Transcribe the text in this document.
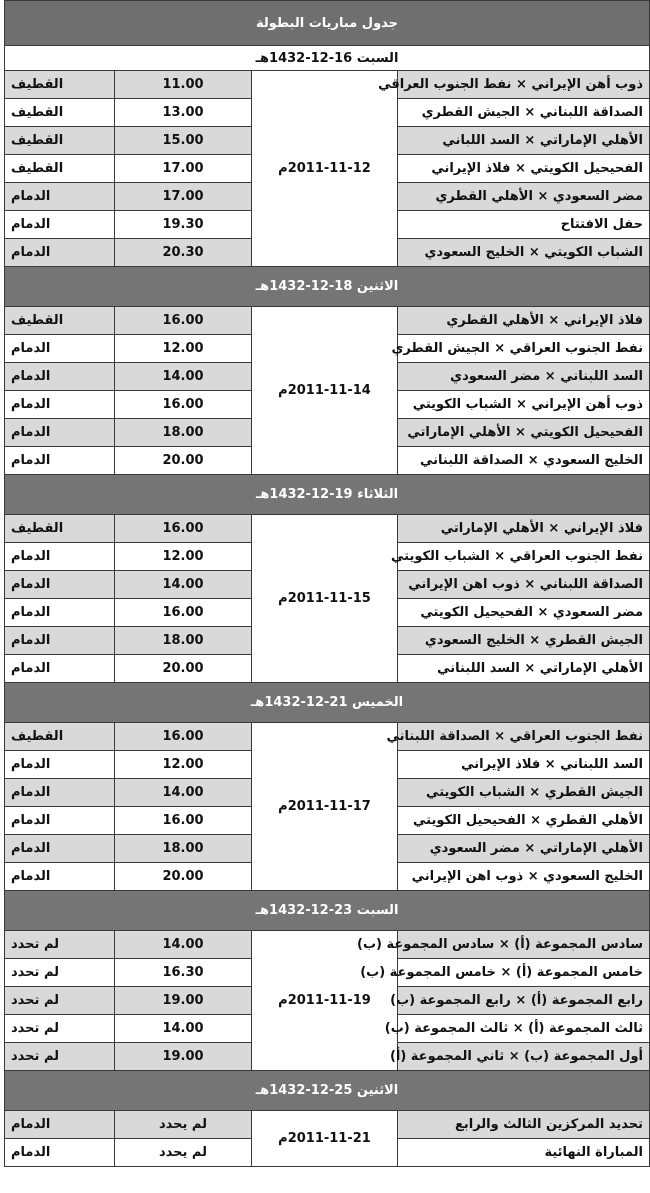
جدول مباريات البطولة			
السبت 16-12-1432هـ			
ذوب أهن الإيراني × نفط الجنوب العراقي	2011-11-12م	11.00	القطيف
الصداقة اللبناني × الجيش القطري		13.00	القطيف
الأهلي الإماراتي × السد اللباني		15.00	القطيف
الفحيحيل الكويتي × فلاذ الإيراني		17.00	القطيف
مضر السعودي × الأهلي القطري		17.00	الدمام
حفل الافتتاح		19.30	الدمام
الشباب الكويتي × الخليج السعودي		20.30	الدمام
الاثنين 18-12-1432هـ			
فلاذ الإيراني × الأهلي القطري	2011-11-14م	16.00	القطيف
نفط الجنوب العراقي × الجيش القطري		12.00	الدمام
السد اللبناني × مضر السعودي		14.00	الدمام
ذوب أهن الإيراني × الشباب الكويتي		16.00	الدمام
الفحيحيل الكويتي × الأهلي الإماراتي		18.00	الدمام
الخليج السعودي × الصداقة اللبناني		20.00	الدمام
الثلاثاء 19-12-1432هـ			
فلاذ الإيراني × الأهلي الإماراتي	2011-11-15م	16.00	القطيف
نفط الجنوب العراقي × الشباب الكويتي		12.00	الدمام
الصداقة اللبناني × ذوب اهن الإيراني		14.00	الدمام
مضر السعودي × الفحيحيل الكويتي		16.00	الدمام
الجيش القطري × الخليج السعودي		18.00	الدمام
الأهلي الإماراتي × السد اللبناني		20.00	الدمام
الخميس 21-12-1432هـ			
نفط الجنوب العراقي × الصداقة اللبناني	2011-11-17م	16.00	القطيف
السد اللبناني × فلاذ الإيراني		12.00	الدمام
الجيش القطري × الشباب الكويتي		14.00	الدمام
الأهلي القطري × الفحيحيل الكويتي		16.00	الدمام
الأهلي الإماراتي × مضر السعودي		18.00	الدمام
الخليج السعودي × ذوب اهن الإيراني		20.00	الدمام
السبت 23-12-1432هـ			
سادس المجموعة (أ) × سادس المجموعة (ب)	2011-11-19م	14.00	لم تحدد
خامس المجموعة (أ) × خامس المجموعة (ب)		16.30	لم تحدد
رابع المجموعة (أ) × رابع المجموعة (ب)		19.00	لم تحدد
ثالث المجموعة (أ) × ثالث المجموعة (ب)		14.00	لم تحدد
أول المجموعة (ب) × ثاني المجموعة (أ)		19.00	لم تحدد
الاثنين 25-12-1432هـ			
تحديد المركزين الثالث والرابع	2011-11-21م	لم يحدد	الدمام
المباراة النهائية		لم يحدد	الدمام
